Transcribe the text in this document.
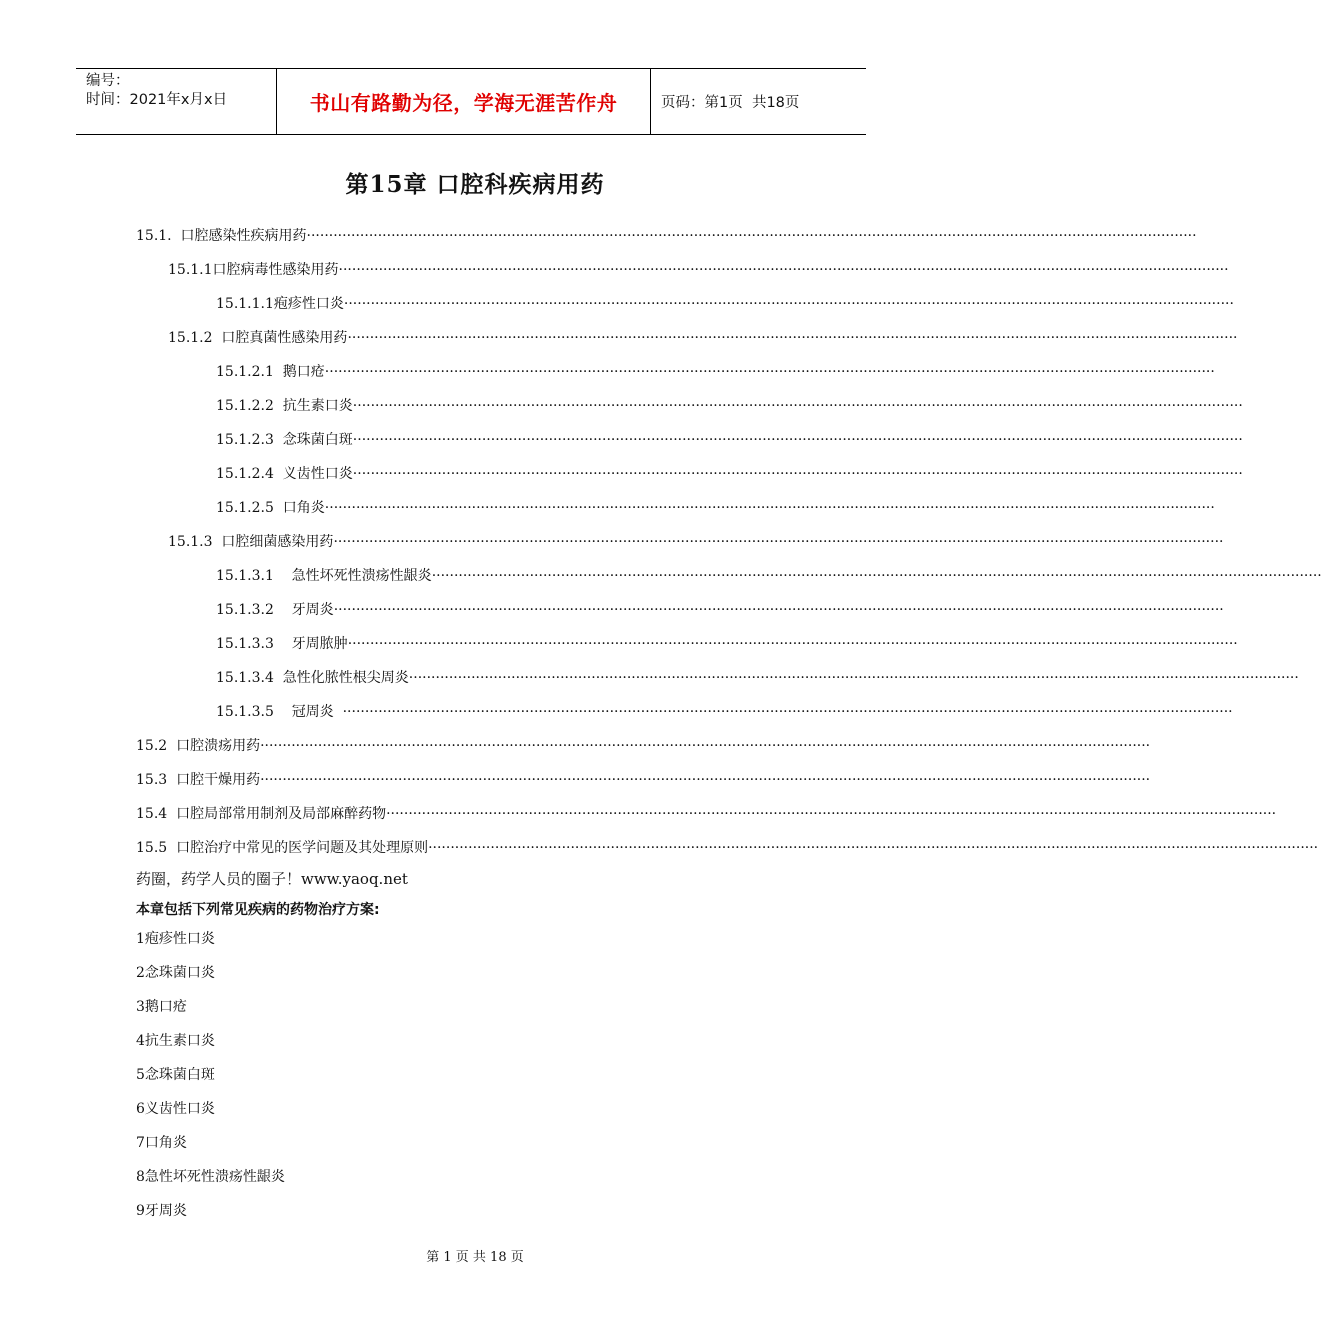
编号：
时间：2021年x月x日	书山有路勤为径，学海无涯苦作舟	页码：第1页  共18页
第15章 口腔科疾病用药
15.1.  口腔感染性疾病用药········································································································································································································
15.1.1口腔病毒性感染用药········································································································································································································
15.1.1.1疱疹性口炎········································································································································································································
15.1.2  口腔真菌性感染用药········································································································································································································
15.1.2.1  鹅口疮········································································································································································································
15.1.2.2  抗生素口炎········································································································································································································
15.1.2.3  念珠菌白斑········································································································································································································
15.1.2.4  义齿性口炎········································································································································································································
15.1.2.5  口角炎········································································································································································································
15.1.3  口腔细菌感染用药········································································································································································································
15.1.3.1    急性坏死性溃疡性龈炎········································································································································································································
15.1.3.2    牙周炎········································································································································································································
15.1.3.3    牙周脓肿········································································································································································································
15.1.3.4  急性化脓性根尖周炎········································································································································································································
15.1.3.5    冠周炎  ········································································································································································································
15.2  口腔溃疡用药········································································································································································································
15.3  口腔干燥用药········································································································································································································
15.4  口腔局部常用制剂及局部麻醉药物········································································································································································································
15.5  口腔治疗中常见的医学问题及其处理原则········································································································································································································
药圈，药学人员的圈子！www.yaoq.net
本章包括下列常见疾病的药物治疗方案:
1疱疹性口炎
2念珠菌口炎
3鹅口疮
4抗生素口炎
5念珠菌白斑
6义齿性口炎
7口角炎
8急性坏死性溃疡性龈炎
9牙周炎
第 1 页 共 18 页
